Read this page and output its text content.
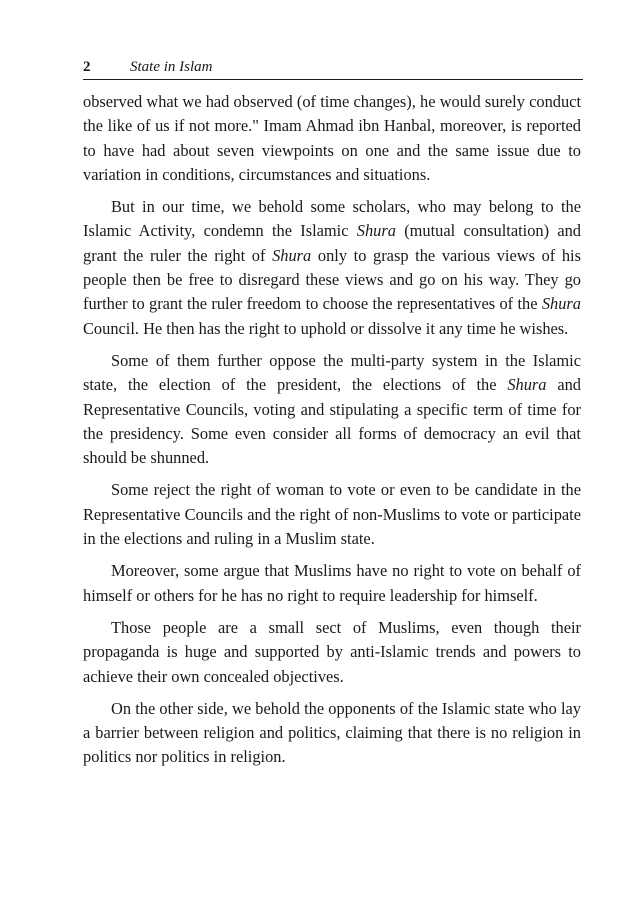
2	State in Islam

observed what we had observed (of time changes), he would surely conduct the like of us if not more." Imam Ahmad ibn Hanbal, moreover, is reported to have had about seven viewpoints on one and the same issue due to variation in conditions, circumstances and situations.

But in our time, we behold some scholars, who may belong to the Islamic Activity, condemn the Islamic Shura (mutual consultation) and grant the ruler the right of Shura only to grasp the various views of his people then be free to disregard these views and go on his way. They go further to grant the ruler freedom to choose the representatives of the Shura Council. He then has the right to uphold or dissolve it any time he wishes.

Some of them further oppose the multi-party system in the Islamic state, the election of the president, the elections of the Shura and Representative Councils, voting and stipulating a specific term of time for the presidency. Some even consider all forms of democracy an evil that should be shunned.

Some reject the right of woman to vote or even to be candidate in the Representative Councils and the right of non-Muslims to vote or participate in the elections and ruling in a Muslim state.

Moreover, some argue that Muslims have no right to vote on behalf of himself or others for he has no right to require leadership for himself.

Those people are a small sect of Muslims, even though their propaganda is huge and supported by anti-Islamic trends and powers to achieve their own concealed objectives.

On the other side, we behold the opponents of the Islamic state who lay a barrier between religion and politics, claiming that there is no religion in politics nor politics in religion.
